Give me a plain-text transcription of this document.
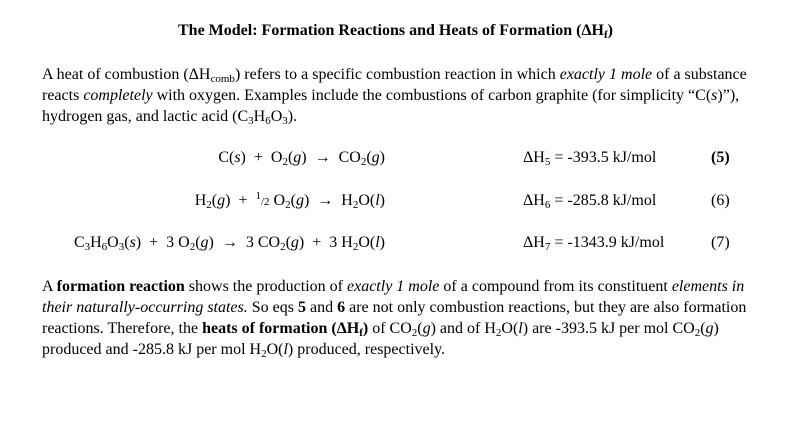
The Model: Formation Reactions and Heats of Formation $(\Delta H_f)$
A heat of combustion $(\Delta H_{comb})$ refers to a specific combustion reaction in which exactly 1 mole of a substance reacts completely with oxygen. Examples include the combustions of carbon graphite (for simplicity “C(s)”), hydrogen gas, and lactic acid $(C_3H_6O_3)$.
$C(s) + O_2(g) \to CO_2(g)$	$\Delta H_5 = -393.5$ kJ/mol	(5)
$H_2(g) + ^1/2$ $O_2(g) \to H_2O(l)$	$\Delta H_6 = -285.8$ kJ/mol	(6)
$C_3H_6O_3(s) + 3$ $O_2(g) \to 3$ $CO_2(g) + 3$ $H_2O(l)$	$\Delta H_7 = -1343.9$ kJ/mol	(7)
A formation reaction shows the production of exactly 1 mole of a compound from its constituent elements in their naturally-occurring states. So eqs 5 and 6 are not only combustion reactions, but they are also formation reactions. Therefore, the heats of formation $(\Delta H_f)$ of $CO_2(g)$ and of $H_2O(l)$ are -393.5 kJ per mol $CO_2(g)$ produced and -285.8 kJ per mol $H_2O(l)$ produced, respectively.
